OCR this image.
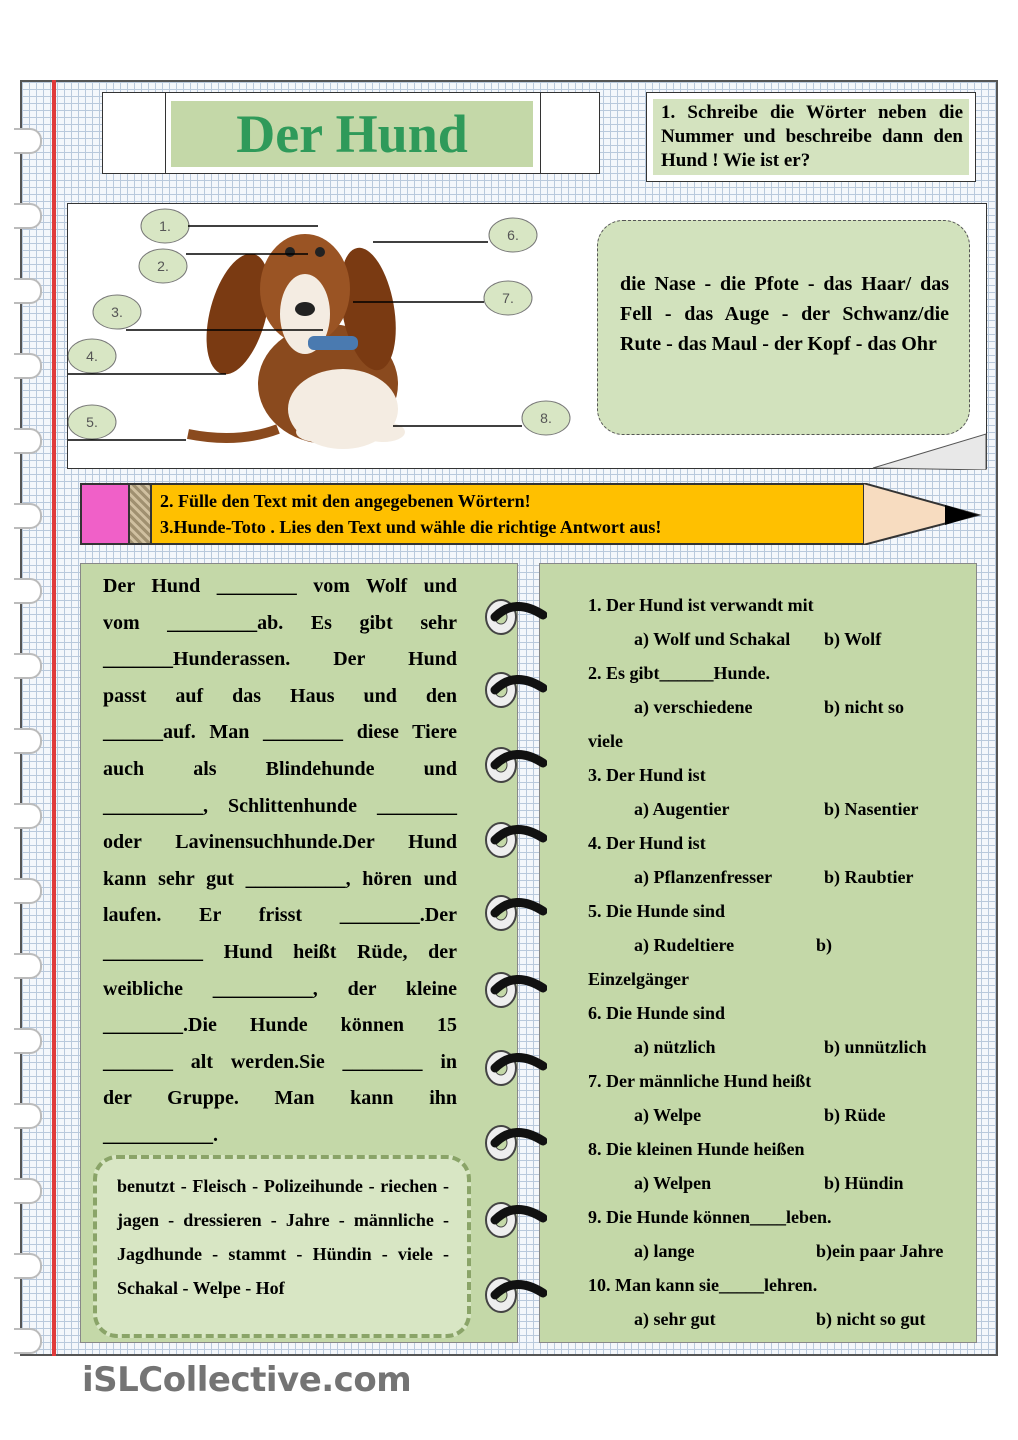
Der Hund	1. Schreibe die Wörter neben die Nummer und beschreibe dann den Hund ! Wie ist er?
1.
2.
3.
4.
5.
6.
7.
8.
die Nase - die Pfote - das Haar/ das Fell - das Auge - der Schwanz/die Rute - das Maul - der Kopf - das Ohr
2. Fülle den Text mit den angegebenen Wörtern!
3.Hunde-Toto . Lies den Text und wähle die richtige Antwort aus!
Der Hund ________ vom Wolf und
vom _________ab. Es gibt sehr
_______Hunderassen. Der Hund
passt auf das Haus und den
______auf. Man ________ diese Tiere
auch als Blindehunde und
__________, Schlittenhunde ________
oder Lavinensuchhunde.Der Hund
kann sehr gut __________, hören und
laufen. Er frisst ________.Der
__________ Hund heißt Rüde, der
weibliche __________, der kleine
________.Die Hunde können 15
_______ alt werden.Sie ________ in
der Gruppe. Man kann ihn
___________.
benutzt - Fleisch - Polizeihunde - riechen - jagen - dressieren - Jahre - männliche - Jagdhunde - stammt - Hündin - viele - Schakal - Welpe - Hof
1. Der Hund ist verwandt mit
a) Wolf und Schakal b) Wolf
2. Es gibt______Hunde.
a) verschiedene	b) nicht so
viele
3. Der Hund ist
a) Augentier	b) Nasentier
4. Der Hund ist
a) Pflanzenfresser	b) Raubtier
5. Die Hunde sind
a) Rudeltiere	b)
Einzelgänger
6. Die Hunde sind
a) nützlich	b) unnützlich
7. Der männliche Hund heißt
a) Welpe	b) Rüde
8. Die kleinen Hunde heißen
a) Welpen	b) Hündin
9. Die Hunde können____leben.
a) lange	b)ein paar Jahre
10. Man kann sie_____lehren.
a) sehr gut	b) nicht so gut
iSLCollective.com
